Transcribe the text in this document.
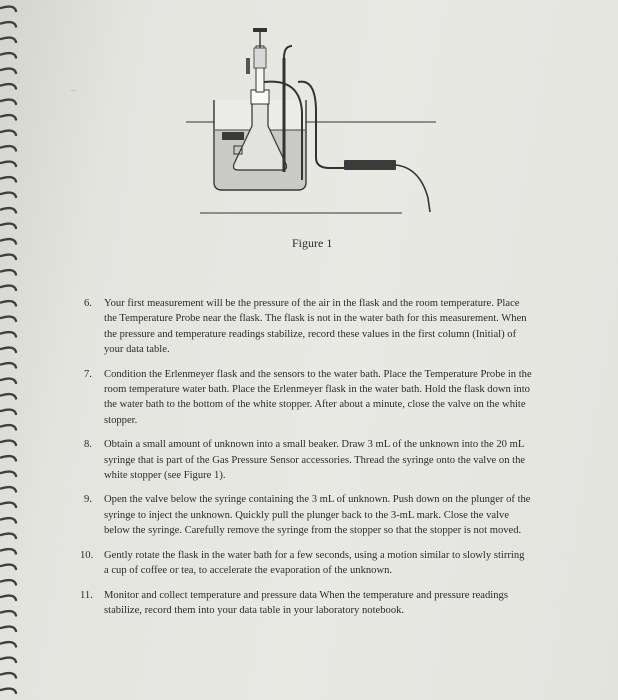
~
Figure 1
6. Your first measurement will be the pressure of the air in the flask and the room temperature. Place the Temperature Probe near the flask. The flask is not in the water bath for this measurement. When the pressure and temperature readings stabilize, record these values in the first column (Initial) of your data table.
7. Condition the Erlenmeyer flask and the sensors to the water bath. Place the Temperature Probe in the room temperature water bath. Place the Erlenmeyer flask in the water bath. Hold the flask down into the water bath to the bottom of the white stopper. After about a minute, close the valve on the white stopper.
8. Obtain a small amount of unknown into a small beaker. Draw 3 mL of the unknown into the 20 mL syringe that is part of the Gas Pressure Sensor accessories. Thread the syringe onto the valve on the white stopper (see Figure 1).
9. Open the valve below the syringe containing the 3 mL of unknown. Push down on the plunger of the syringe to inject the unknown. Quickly pull the plunger back to the 3-mL mark. Close the valve below the syringe. Carefully remove the syringe from the stopper so that the stopper is not moved.
10. Gently rotate the flask in the water bath for a few seconds, using a motion similar to slowly stirring a cup of coffee or tea, to accelerate the evaporation of the unknown.
11. Monitor and collect temperature and pressure data When the temperature and pressure readings stabilize, record them into your data table in your laboratory notebook.
